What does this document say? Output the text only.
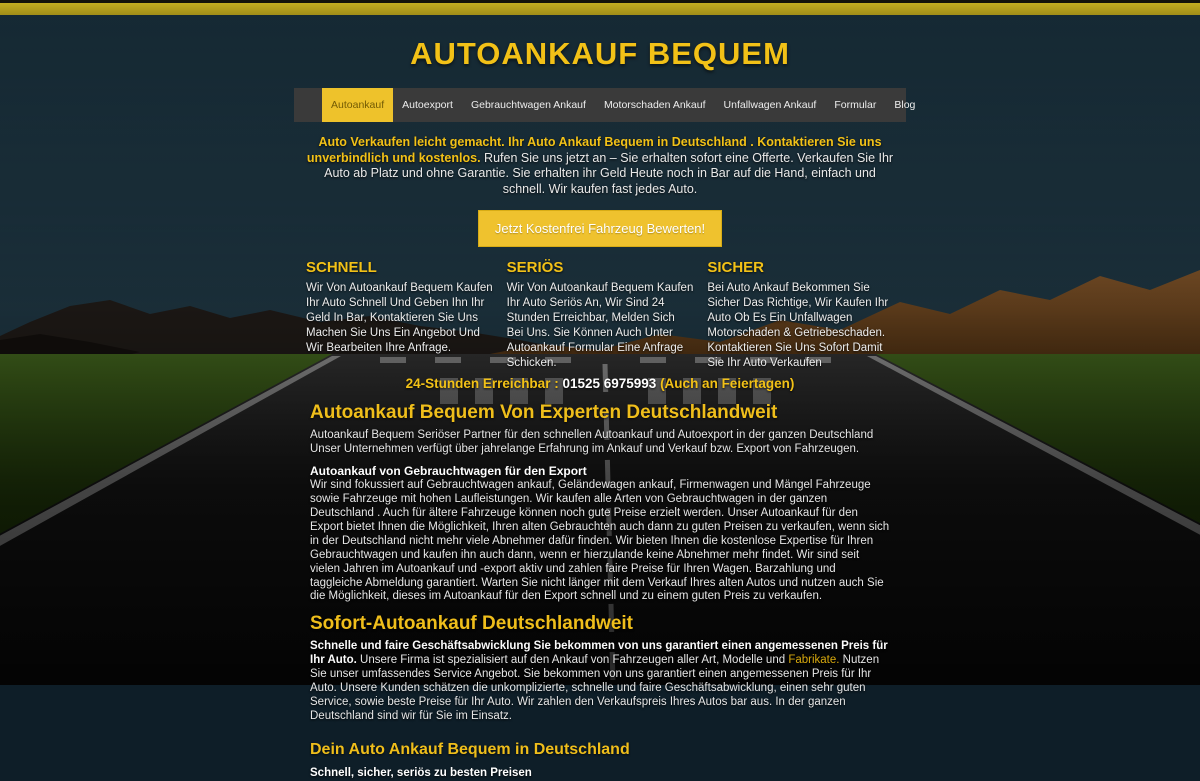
AUTOANKAUF BEQUEM
Autoankauf	Autoexport	Gebrauchtwagen Ankauf	Motorschaden Ankauf	Unfallwagen Ankauf	Formular	Blog

Auto Verkaufen leicht gemacht. Ihr Auto Ankauf Bequem in Deutschland . Kontaktieren Sie uns unverbindlich und kostenlos. Rufen Sie uns jetzt an – Sie erhalten sofort eine Offerte. Verkaufen Sie Ihr Auto ab Platz und ohne Garantie. Sie erhalten ihr Geld Heute noch in Bar auf die Hand, einfach und schnell. Wir kaufen fast jedes Auto.

Jetzt Kostenfrei Fahrzeug Bewerten!
SCHNELL

Wir Von Autoankauf Bequem Kaufen Ihr Auto Schnell Und Geben Ihn Ihr Geld In Bar, Kontaktieren Sie Uns Machen Sie Uns Ein Angebot Und Wir Bearbeiten Ihre Anfrage.

SERIÖS

Wir Von Autoankauf Bequem Kaufen Ihr Auto Seriös An, Wir Sind 24 Stunden Erreichbar, Melden Sich Bei Uns. Sie Können Auch Unter Autoankauf Formular Eine Anfrage Schicken.

SICHER

Bei Auto Ankauf Bekommen Sie Sicher Das Richtige, Wir Kaufen Ihr Auto Ob Es Ein Unfallwagen Motorschaden & Getriebeschaden. Kontaktieren Sie Uns Sofort Damit Sie Ihr Auto Verkaufen

24-Stunden Erreichbar : 01525 6975993 (Auch an Feiertagen)

Autoankauf Bequem Von Experten Deutschlandweit

Autoankauf Bequem Seriöser Partner für den schnellen Autoankauf und Autoexport in der ganzen Deutschland Unser Unternehmen verfügt über jahrelange Erfahrung im Ankauf und Verkauf bzw. Export von Fahrzeugen.

Autoankauf von Gebrauchtwagen für den Export

Wir sind fokussiert auf Gebrauchtwagen ankauf, Geländewagen ankauf, Firmenwagen und Mängel Fahrzeuge sowie Fahrzeuge mit hohen Laufleistungen. Wir kaufen alle Arten von Gebrauchtwagen in der ganzen Deutschland . Auch für ältere Fahrzeuge können noch gute Preise erzielt werden. Unser Autoankauf für den Export bietet Ihnen die Möglichkeit, Ihren alten Gebrauchten auch dann zu guten Preisen zu verkaufen, wenn sich in der Deutschland nicht mehr viele Abnehmer dafür finden. Wir bieten Ihnen die kostenlose Expertise für Ihren Gebrauchtwagen und kaufen ihn auch dann, wenn er hierzulande keine Abnehmer mehr findet. Wir sind seit vielen Jahren im Autoankauf und -export aktiv und zahlen faire Preise für Ihren Wagen. Barzahlung und taggleiche Abmeldung garantiert. Warten Sie nicht länger mit dem Verkauf Ihres alten Autos und nutzen auch Sie die Möglichkeit, dieses im Autoankauf für den Export schnell und zu einem guten Preis zu verkaufen.

Sofort-Autoankauf Deutschlandweit

Schnelle und faire Geschäftsabwicklung Sie bekommen von uns garantiert einen angemessenen Preis für Ihr Auto. Unsere Firma ist spezialisiert auf den Ankauf von Fahrzeugen aller Art, Modelle und Fabrikate. Nutzen Sie unser umfassendes Service Angebot. Sie bekommen von uns garantiert einen angemessenen Preis für Ihr Auto. Unsere Kunden schätzen die unkomplizierte, schnelle und faire Geschäftsabwicklung, einen sehr guten Service, sowie beste Preise für Ihr Auto. Wir zahlen den Verkaufspreis Ihres Autos bar aus. In der ganzen Deutschland sind wir für Sie im Einsatz.

Dein Auto Ankauf Bequem in Deutschland

Schnell, sicher, seriös zu besten Preisen
